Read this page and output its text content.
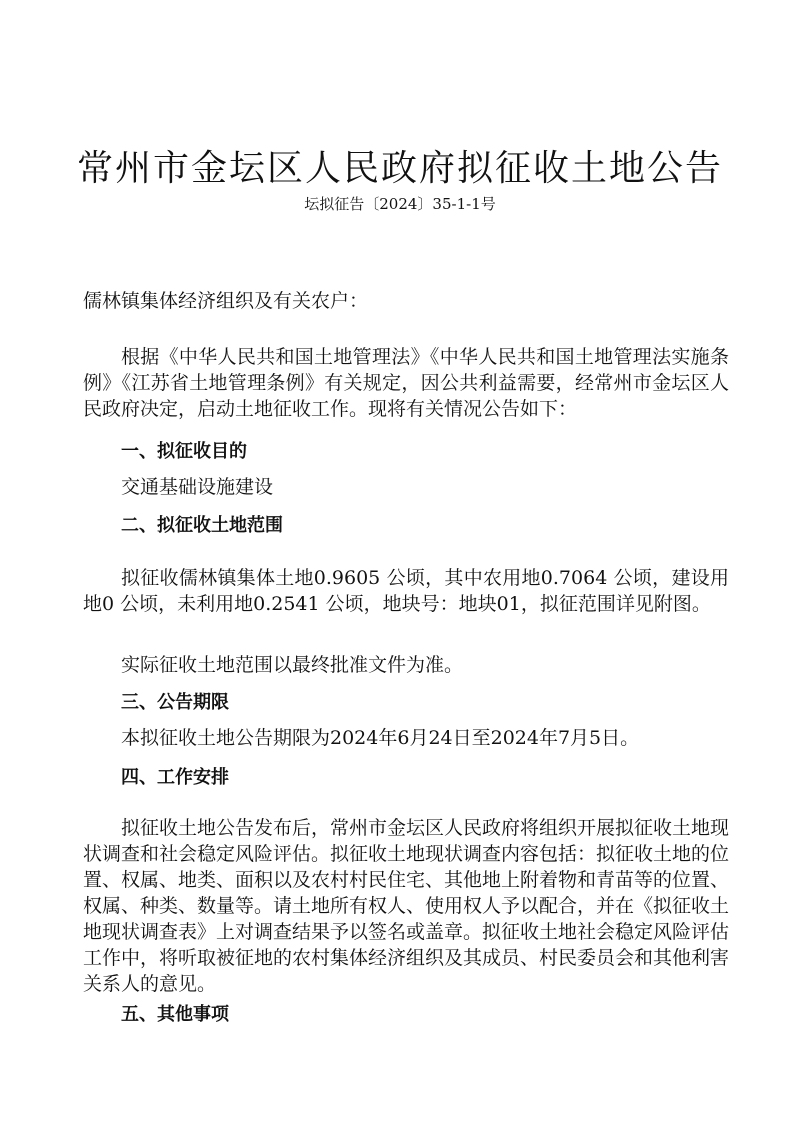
常州市金坛区人民政府拟征收土地公告
坛拟征告〔2024〕35-1-1号
儒林镇集体经济组织及有关农户：

根据《中华人民共和国土地管理法》《中华人民共和国土地管理法实施条例》《江苏省土地管理条例》有关规定，因公共利益需要，经常州市金坛区人民政府决定，启动土地征收工作。现将有关情况公告如下：

一、拟征收目的
交通基础设施建设
二、拟征收土地范围

拟征收儒林镇集体土地0.9605 公顷，其中农用地0.7064 公顷，建设用地0 公顷，未利用地0.2541 公顷，地块号：地块01，拟征范围详见附图。

实际征收土地范围以最终批准文件为准。
三、公告期限
本拟征收土地公告期限为2024年6月24日至2024年7月5日。
四、工作安排

拟征收土地公告发布后，常州市金坛区人民政府将组织开展拟征收土地现状调查和社会稳定风险评估。拟征收土地现状调查内容包括：拟征收土地的位置、权属、地类、面积以及农村村民住宅、其他地上附着物和青苗等的位置、权属、种类、数量等。请土地所有权人、使用权人予以配合，并在《拟征收土地现状调查表》上对调查结果予以签名或盖章。拟征收土地社会稳定风险评估工作中，将听取被征地的农村集体经济组织及其成员、村民委员会和其他利害关系人的意见。

五、其他事项
